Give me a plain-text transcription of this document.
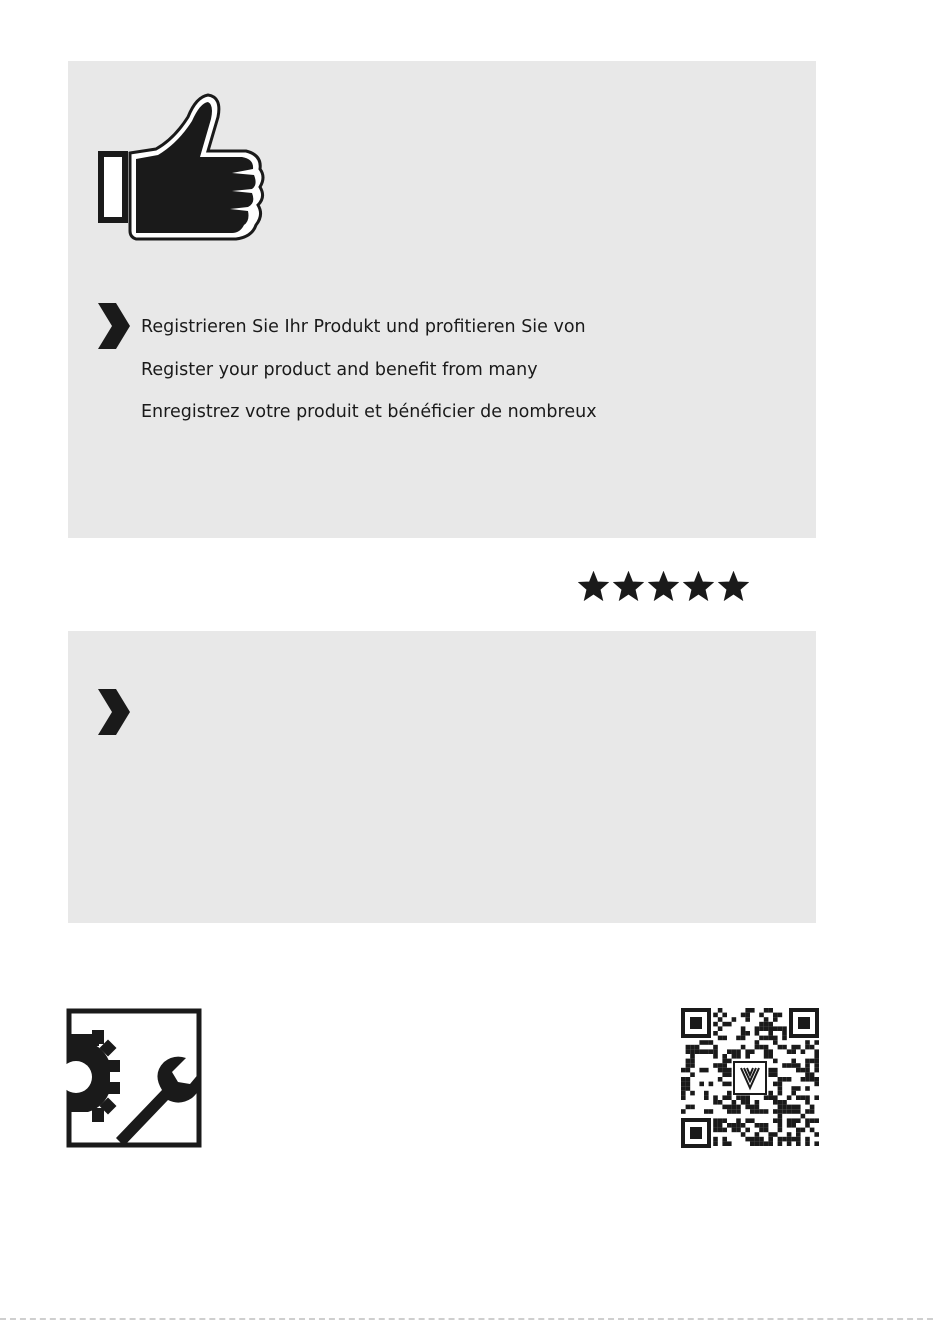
Registrieren Sie Ihr Produkt und profitieren Sie von
Register your product and benefit from many
Enregistrez votre produit et bénéficier de nombreux
